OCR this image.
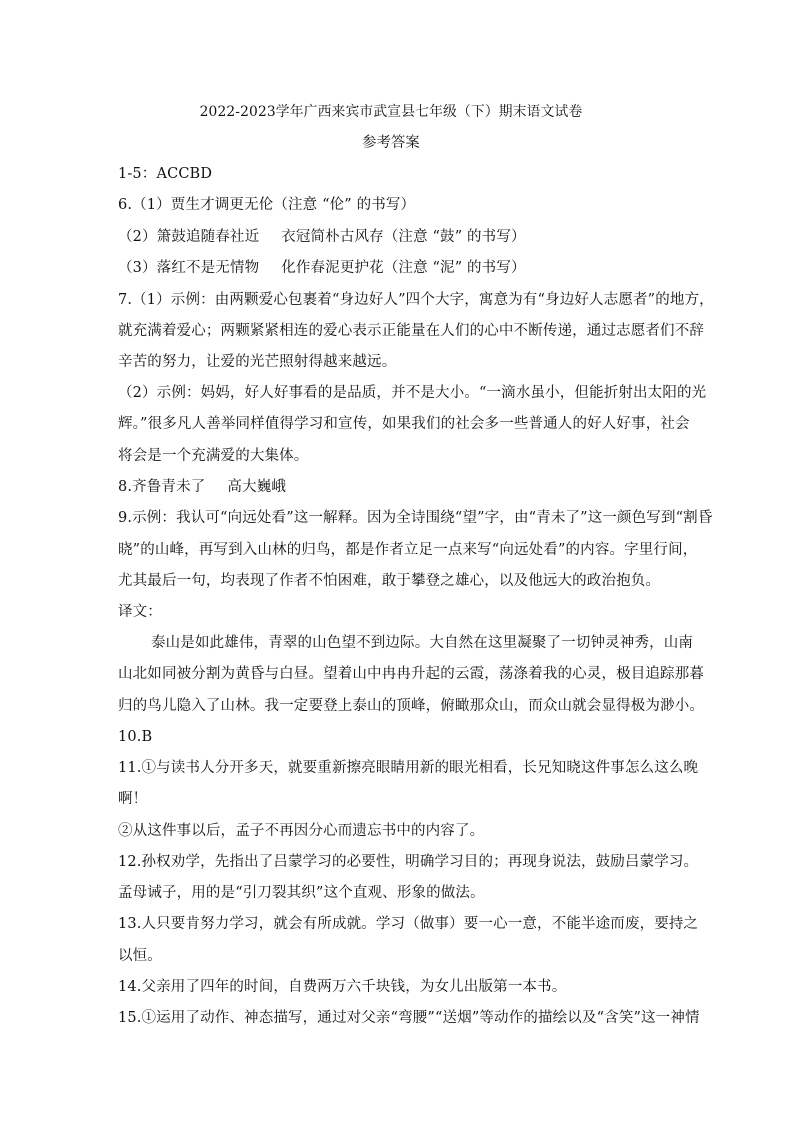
2022-2023学年广西来宾市武宣县七年级（下）期末语文试卷
参考答案
1-5：ACCBD
6.（1）贾生才调更无伦（注意 “伦” 的书写）
（2）箫鼓追随春社近 衣冠简朴古风存（注意 “鼓” 的书写）
（3）落红不是无情物 化作春泥更护花（注意 “泥” 的书写）
7.（1）示例：由两颗爱心包裹着“身边好人”四个大字，寓意为有“身边好人志愿者”的地方，
就充满着爱心；两颗紧紧相连的爱心表示正能量在人们的心中不断传递，通过志愿者们不辞
辛苦的努力，让爱的光芒照射得越来越远。
（2）示例：妈妈，好人好事看的是品质，并不是大小。“一滴水虽小，但能折射出太阳的光
辉。”很多凡人善举同样值得学习和宣传，如果我们的社会多一些普通人的好人好事，社会
将会是一个充满爱的大集体。
8.齐鲁青未了 高大巍峨
9.示例：我认可“向远处看”这一解释。因为全诗围绕“望”字，由“青未了”这一颜色写到“割昏
晓”的山峰，再写到入山林的归鸟，都是作者立足一点来写“向远处看”的内容。字里行间，
尤其最后一句，均表现了作者不怕困难，敢于攀登之雄心，以及他远大的政治抱负。
译文：
泰山是如此雄伟，青翠的山色望不到边际。大自然在这里凝聚了一切钟灵神秀，山南
山北如同被分割为黄昏与白昼。望着山中冉冉升起的云霞，荡涤着我的心灵，极目追踪那暮
归的鸟儿隐入了山林。我一定要登上泰山的顶峰，俯瞰那众山，而众山就会显得极为渺小。
10.B
11.①与读书人分开多天，就要重新擦亮眼睛用新的眼光相看，长兄知晓这件事怎么这么晚
啊！
②从这件事以后，孟子不再因分心而遗忘书中的内容了。
12.孙权劝学，先指出了吕蒙学习的必要性，明确学习目的；再现身说法，鼓励吕蒙学习。
孟母诫子，用的是“引刀裂其织”这个直观、形象的做法。
13.人只要肯努力学习，就会有所成就。学习（做事）要一心一意，不能半途而废，要持之
以恒。
14.父亲用了四年的时间，自费两万六千块钱，为女儿出版第一本书。
15.①运用了动作、神态描写，通过对父亲“弯腰”“送烟”等动作的描绘以及“含笑”这一神情
